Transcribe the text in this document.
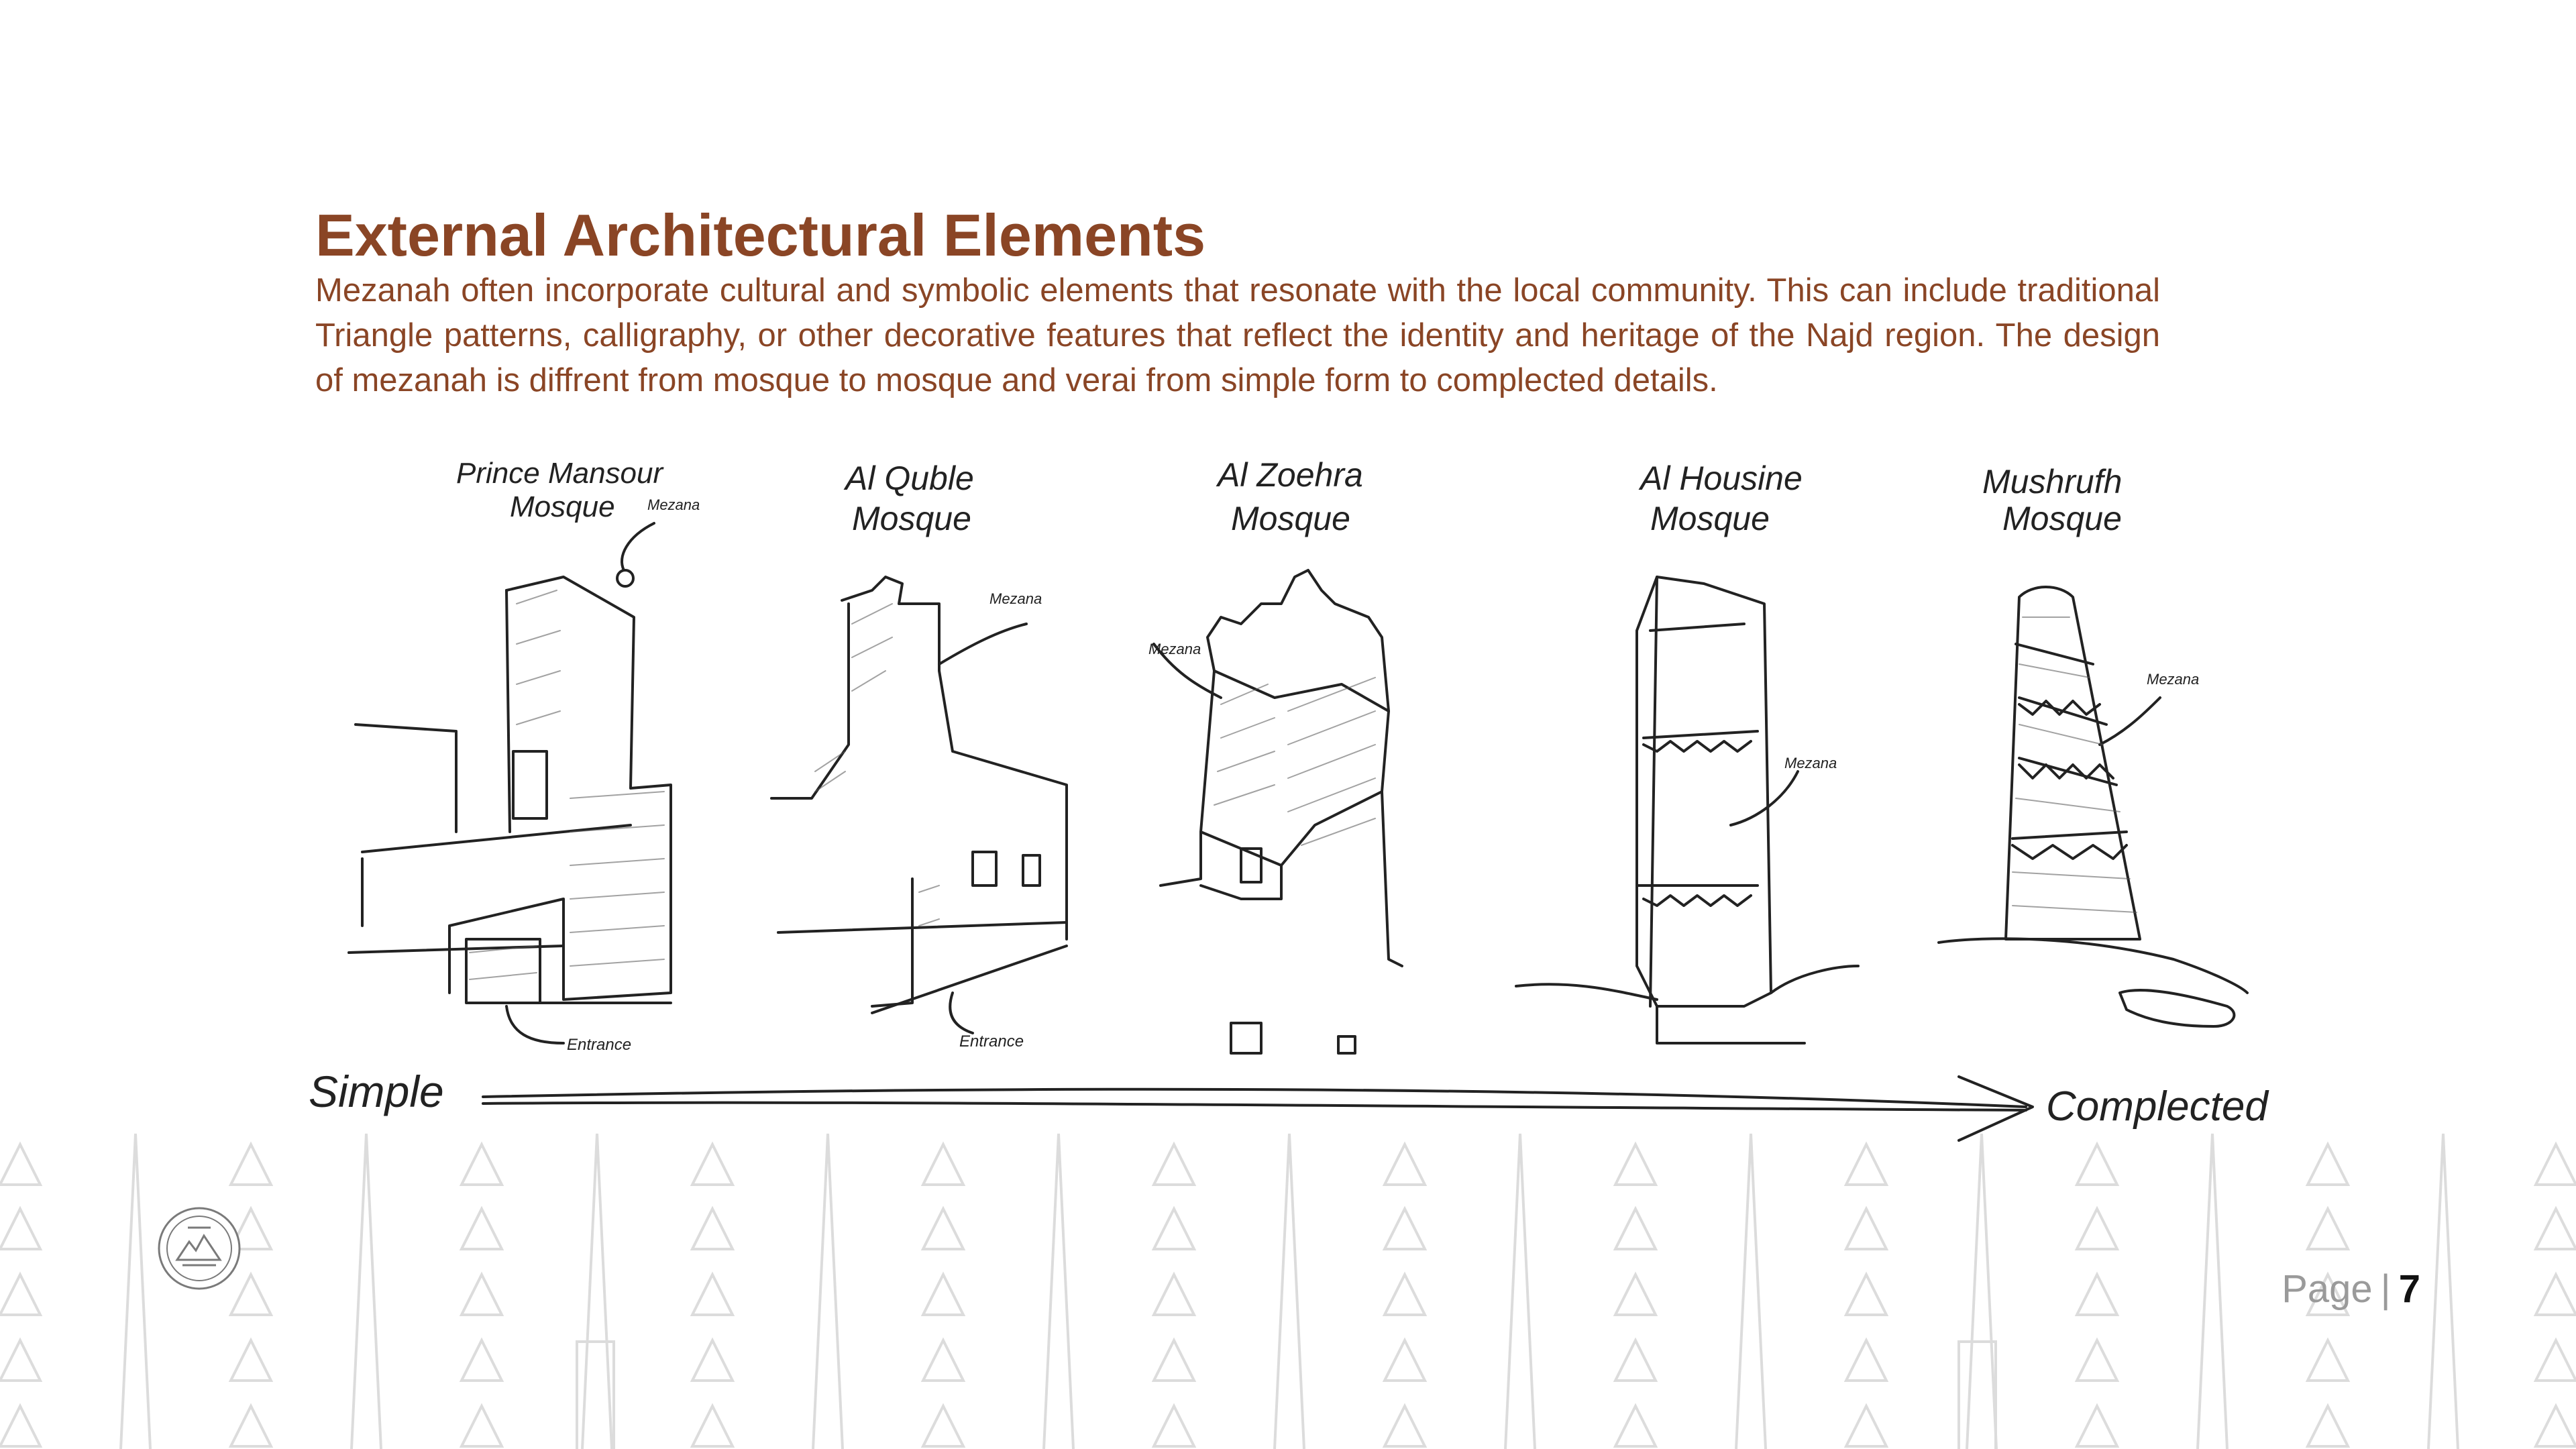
External Architectural Elements
Mezanah often incorporate cultural and symbolic elements that resonate with the local community. This can include traditional Triangle patterns, calligraphy, or other decorative features that reflect the identity and heritage of the Najd region. The design of mezanah is diffrent from mosque to mosque and verai from simple form to complected details.
Prince Mansour
Mosque Mezana
Entrance
Al Quble
Mosque
Mezana
Entrance
Al Zoehra
Mosque
Mezana
Al Housine
Mosque
Mezana
Mushrufh
Mosque
Mezana
Simple	Complected
Page | 7
